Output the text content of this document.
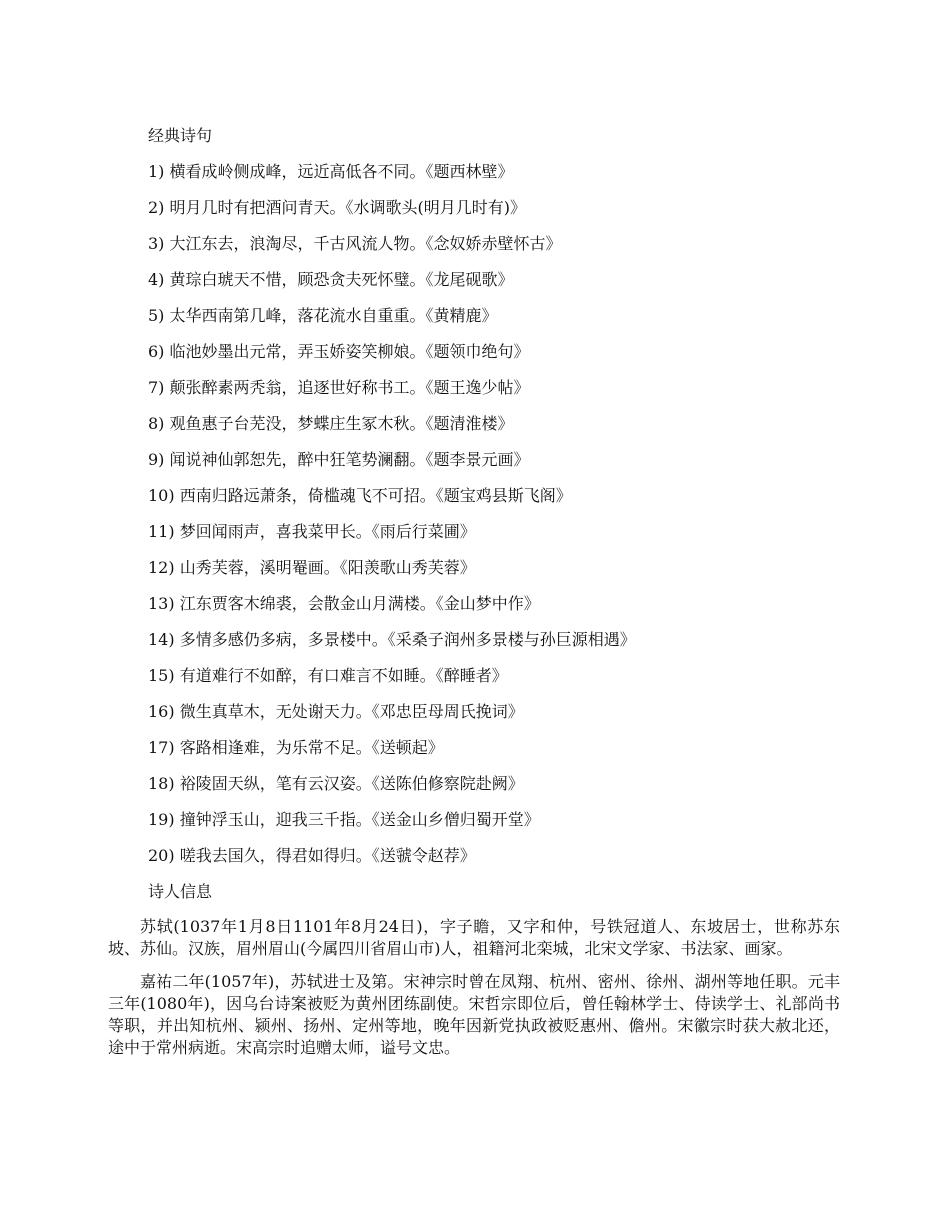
经典诗句
1) 横看成岭侧成峰，远近高低各不同。《题西林壁》
2) 明月几时有把酒问青天。《水调歌头(明月几时有)》
3) 大江东去，浪淘尽，千古风流人物。《念奴娇赤壁怀古》
4) 黄琮白琥天不惜，顾恐贪夫死怀璧。《龙尾砚歌》
5) 太华西南第几峰，落花流水自重重。《黄精鹿》
6) 临池妙墨出元常，弄玉娇姿笑柳娘。《题领巾绝句》
7) 颠张醉素两秃翁，追逐世好称书工。《题王逸少帖》
8) 观鱼惠子台芜没，梦蝶庄生冢木秋。《题清淮楼》
9) 闻说神仙郭恕先，醉中狂笔势澜翻。《题李景元画》
10) 西南归路远萧条，倚槛魂飞不可招。《题宝鸡县斯飞阁》
11) 梦回闻雨声，喜我菜甲长。《雨后行菜圃》
12) 山秀芙蓉，溪明罨画。《阳羡歌山秀芙蓉》
13) 江东贾客木绵裘，会散金山月满楼。《金山梦中作》
14) 多情多感仍多病，多景楼中。《采桑子润州多景楼与孙巨源相遇》
15) 有道难行不如醉，有口难言不如睡。《醉睡者》
16) 微生真草木，无处谢天力。《邓忠臣母周氏挽词》
17) 客路相逢难，为乐常不足。《送顿起》
18) 裕陵固天纵，笔有云汉姿。《送陈伯修察院赴阙》
19) 撞钟浮玉山，迎我三千指。《送金山乡僧归蜀开堂》
20) 嗟我去国久，得君如得归。《送虢令赵荐》
诗人信息

苏轼(1037年1月8日1101年8月24日)，字子瞻，又字和仲，号铁冠道人、东坡居士，世称苏东坡、苏仙。汉族，眉州眉山(今属四川省眉山市)人，祖籍河北栾城，北宋文学家、书法家、画家。

嘉祐二年(1057年)，苏轼进士及第。宋神宗时曾在凤翔、杭州、密州、徐州、湖州等地任职。元丰三年(1080年)，因乌台诗案被贬为黄州团练副使。宋哲宗即位后，曾任翰林学士、侍读学士、礼部尚书等职，并出知杭州、颍州、扬州、定州等地，晚年因新党执政被贬惠州、儋州。宋徽宗时获大赦北还，途中于常州病逝。宋高宗时追赠太师，谥号文忠。
